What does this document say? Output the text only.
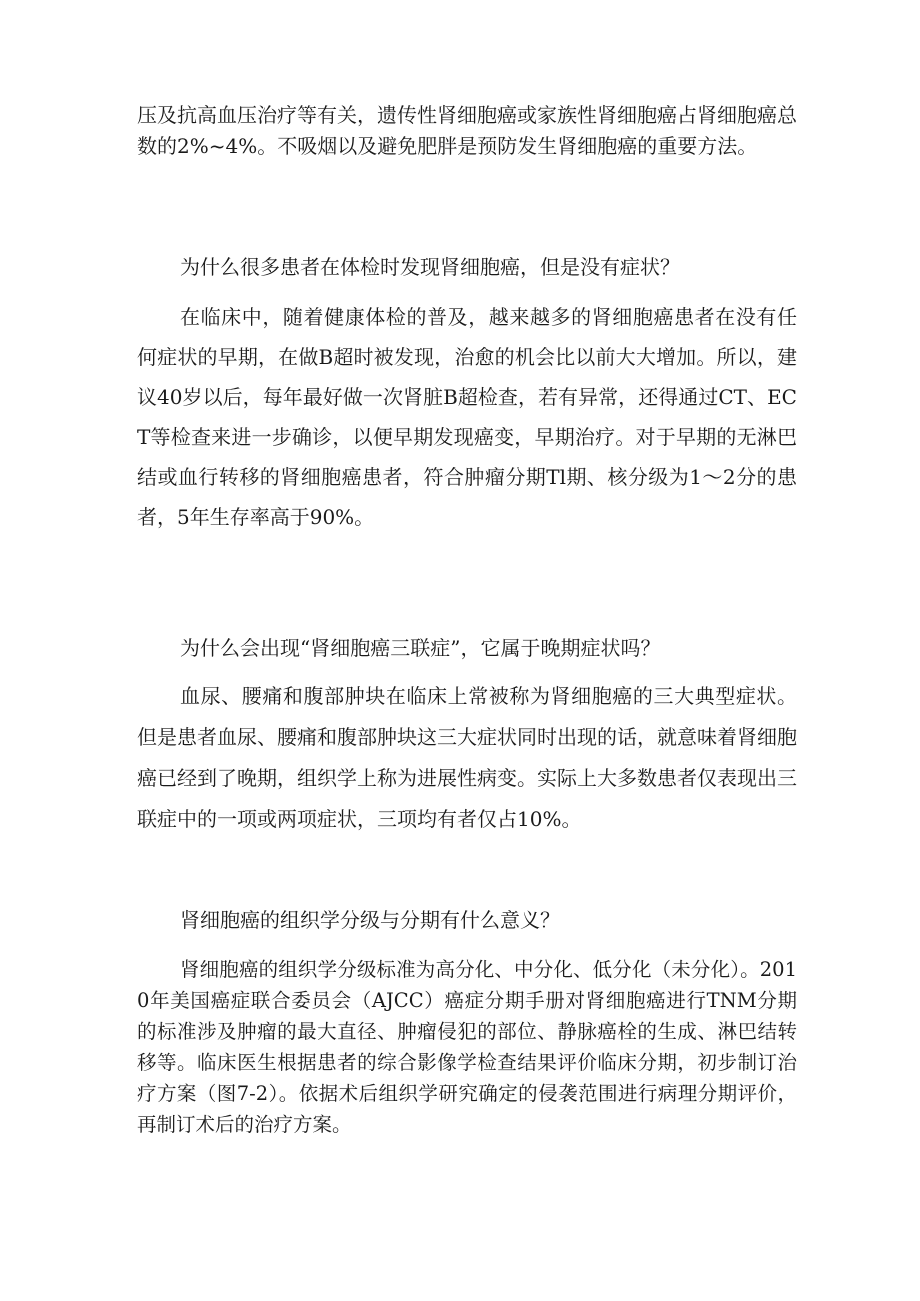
压及抗高血压治疗等有关，遗传性肾细胞癌或家族性肾细胞癌占肾细胞癌总数的2%~4%。不吸烟以及避免肥胖是预防发生肾细胞癌的重要方法。

为什么很多患者在体检时发现肾细胞癌，但是没有症状？

在临床中，随着健康体检的普及，越来越多的肾细胞癌患者在没有任何症状的早期，在做B超时被发现，治愈的机会比以前大大增加。所以，建议40岁以后，每年最好做一次肾脏B超检查，若有异常，还得通过CT、ECT等检查来进一步确诊，以便早期发现癌变，早期治疗。对于早期的无淋巴结或血行转移的肾细胞癌患者，符合肿瘤分期Tl期、核分级为1～2分的患者，5年生存率高于90%。

为什么会出现“肾细胞癌三联症”，它属于晚期症状吗？

血尿、腰痛和腹部肿块在临床上常被称为肾细胞癌的三大典型症状。但是患者血尿、腰痛和腹部肿块这三大症状同时出现的话，就意味着肾细胞癌已经到了晚期，组织学上称为进展性病变。实际上大多数患者仅表现出三联症中的一项或两项症状，三项均有者仅占10%。

肾细胞癌的组织学分级与分期有什么意义？

肾细胞癌的组织学分级标准为高分化、中分化、低分化（未分化）。2010年美国癌症联合委员会（AJCC）癌症分期手册对肾细胞癌进行TNM分期的标准涉及肿瘤的最大直径、肿瘤侵犯的部位、静脉癌栓的生成、淋巴结转移等。临床医生根据患者的综合影像学检查结果评价临床分期，初步制订治疗方案（图7-2）。依据术后组织学研究确定的侵袭范围进行病理分期评价，再制订术后的治疗方案。
